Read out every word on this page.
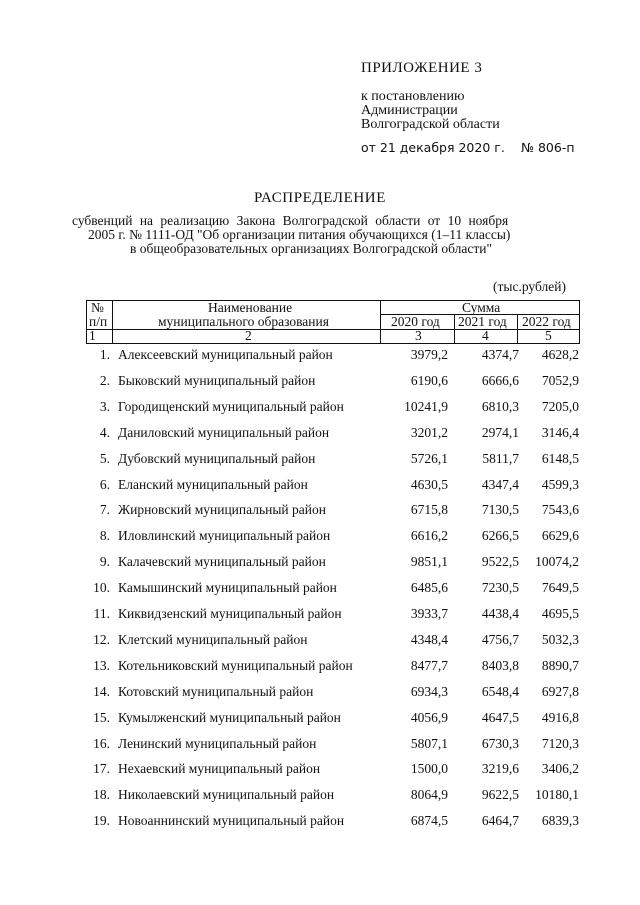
ПРИЛОЖЕНИЕ 3
к постановлению
Администрации
Волгоградской области
от 21 декабря 2020 г. № 806-п
РАСПРЕДЕЛЕНИЕ
субвенций на реализацию Закона Волгоградской области от 10 ноября
2005 г. № 1111-ОД "Об организации питания обучающихся (1–11 классы)
в общеобразовательных организациях Волгоградской области"
(тыс.рублей)
№
п/п
Наименование
муниципального образования
Сумма
2020 год 2021 год 2022 год
1	2	3	4	5
1. Алексеевский муниципальный район	3979,2	4374,7 4628,2
2. Быковский муниципальный район	6190,6	6666,6 7052,9
3. Городищенский муниципальный район	10241,9	6810,3 7205,0
4. Даниловский муниципальный район	3201,2	2974,1 3146,4
5. Дубовский муниципальный район	5726,1	5811,7 6148,5
6. Еланский муниципальный район	4630,5	4347,4 4599,3
7. Жирновский муниципальный район	6715,8	7130,5 7543,6
8. Иловлинский муниципальный район	6616,2	6266,5 6629,6
9. Калачевский муниципальный район	9851,1	9522,5 10074,2
10. Камышинский муниципальный район	6485,6	7230,5 7649,5
11. Киквидзенский муниципальный район	3933,7	4438,4 4695,5
12. Клетский муниципальный район	4348,4	4756,7 5032,3
13. Котельниковский муниципальный район	8477,7	8403,8 8890,7
14. Котовский муниципальный район	6934,3	6548,4 6927,8
15. Кумылженский муниципальный район	4056,9	4647,5 4916,8
16. Ленинский муниципальный район	5807,1	6730,3 7120,3
17. Нехаевский муниципальный район	1500,0	3219,6 3406,2
18. Николаевский муниципальный район	8064,9	9622,5 10180,1
19. Новоаннинский муниципальный район	6874,5	6464,7 6839,3
